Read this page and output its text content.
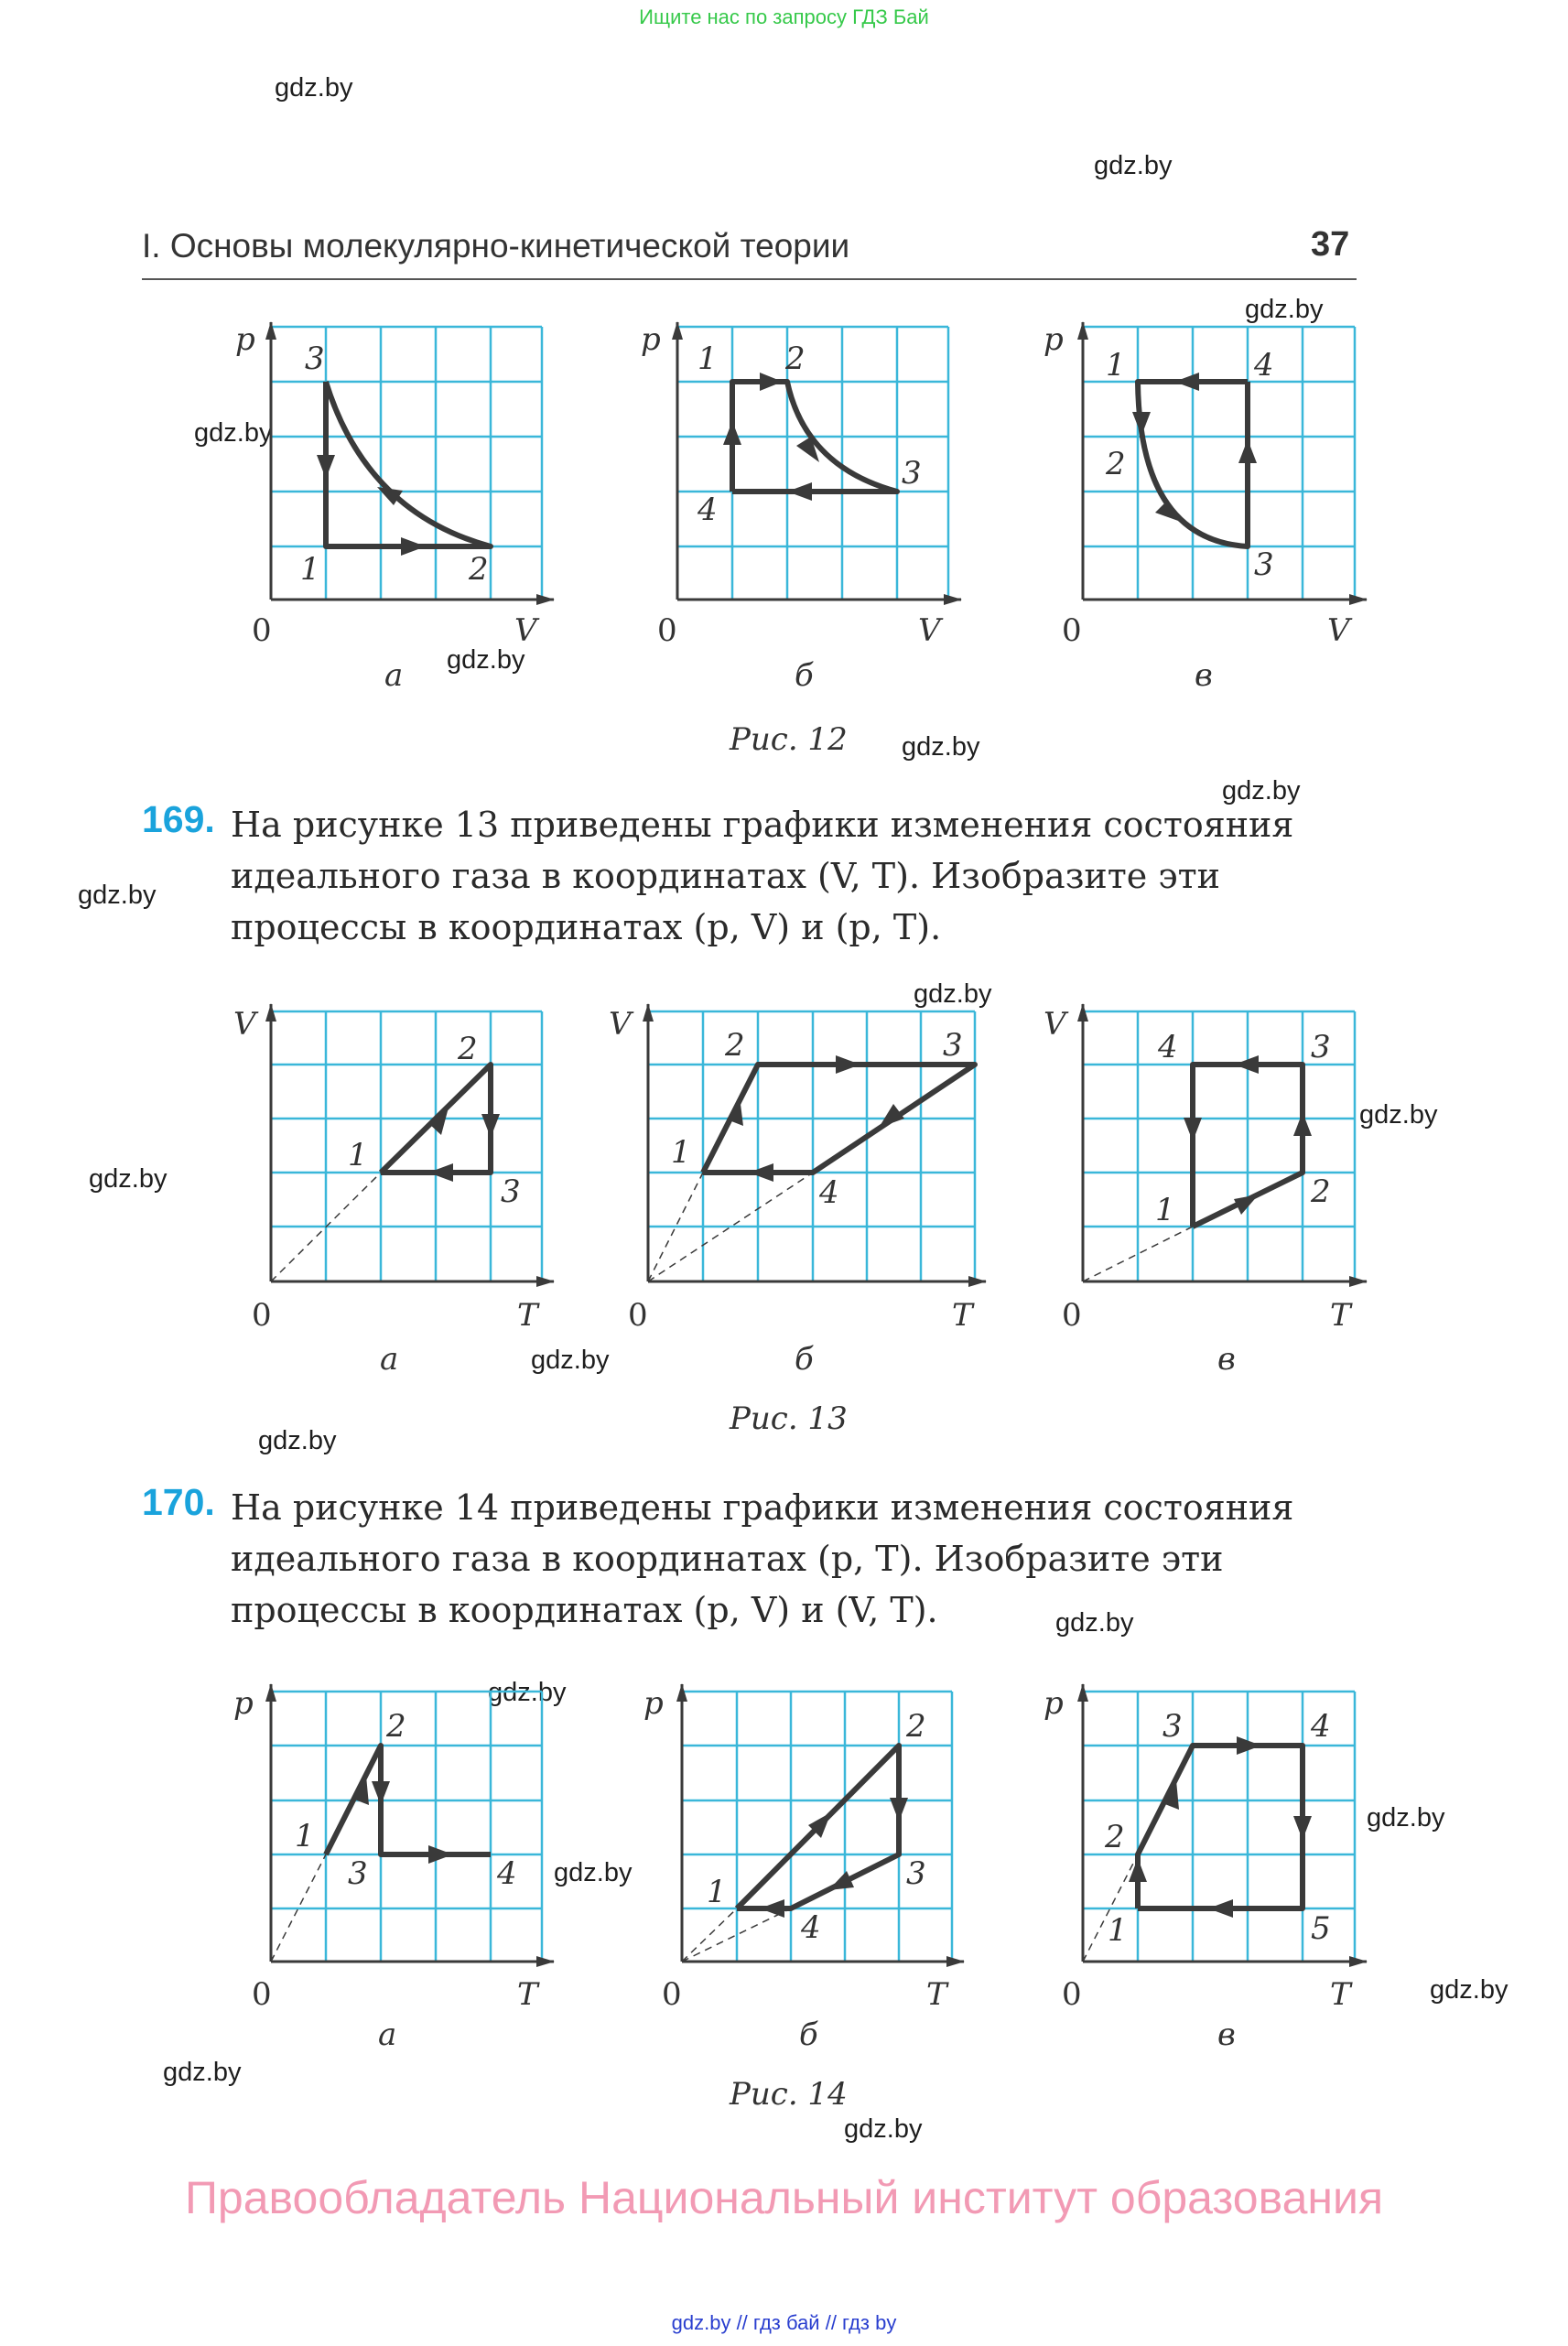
Ищите нас по запросу ГДЗ Бай
gdz.by
gdz.by
gdz.by
gdz.by
gdz.by
gdz.by
gdz.by
gdz.by
gdz.by
gdz.by
gdz.by
gdz.by
gdz.by
gdz.by
gdz.by
gdz.by
gdz.by
gdz.by
gdz.by
gdz.by
I. Основы молекулярно-кинетической теории	37
169. На рисунке 13 приведены графики изменения состояния
идеального газа в координатах (V, T). Изобразите эти
процессы в координатах (p, V) и (p, T).
170. На рисунке 14 приведены графики изменения состояния
идеального газа в координатах (p, T). Изобразите эти
процессы в координатах (p, V) и (V, T).
а	б	в
а	б	в
а	б	в
Рис. 12
Рис. 13
Рис. 14
p
V
0
1	2
3
p
V
0
1 2
3
4
p
V
0
1
2
3
4
V
T
0
1
2
3
V
T
0
1
2	3
4
V
T
0
1	2
3
4
p
T
0
1
2
3	4
p
T
0
1
2
3
4
p
T
0
1
2
3	4
5
Правообладатель Национальный институт образования
gdz.by // гдз бай // гдз by
